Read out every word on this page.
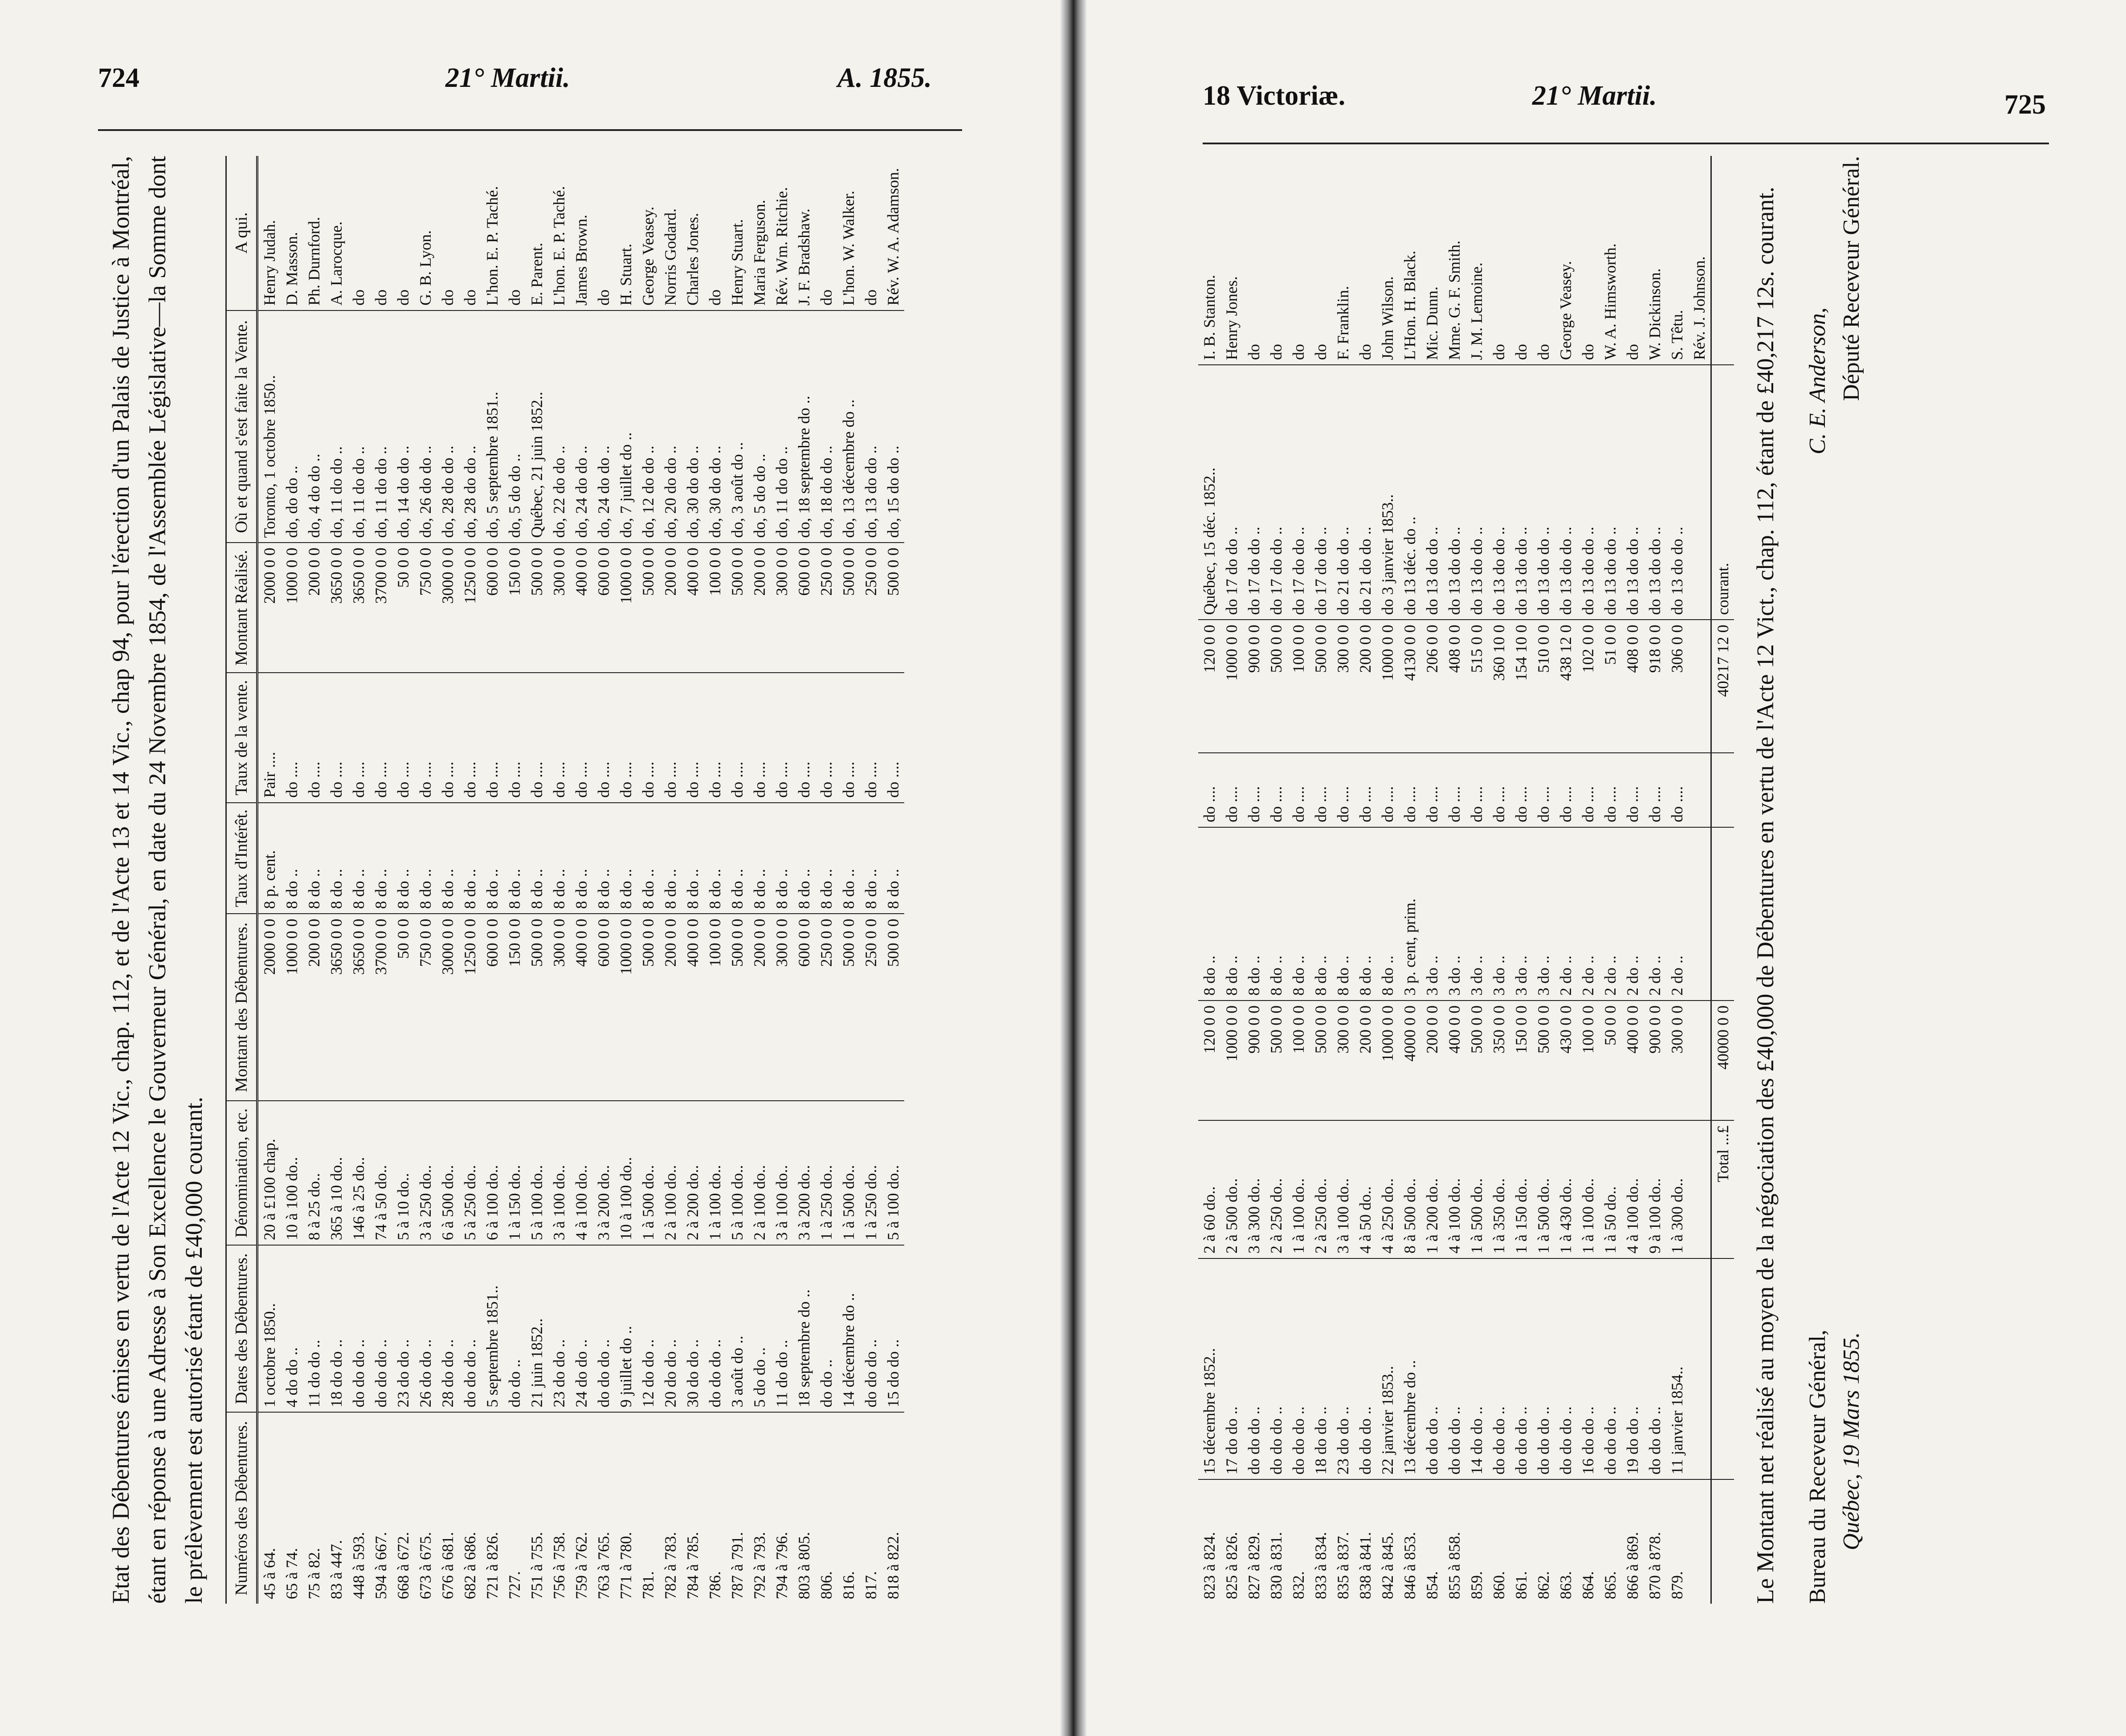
724	21° Martii.	A. 1855.

Etat des Débentures émises en vertu de l'Acte 12 Vic., chap. 112, et de l'Acte 13 et 14 Vic., chap 94, pour l'érection d'un Palais de Justice à Montréal, étant en réponse à une Adresse à Son Excellence le Gouverneur Général, en date du 24 Novembre 1854, de l'Assemblée Législative—la Somme dont le prélèvement est autorisé étant de £40,000 courant. Numéros des Débentures.	Dates des Débentures.	Dénomination, etc.	Montant des Débentures.	Taux d'Intérêt.	Taux de la vente.	Montant Réalisé.	Où et quand s'est faite la Vente.	A qui.
45 à 64.	1 octobre 1850..	20 à £100 chap.	2000 0 0	8 p. cent.	Pair ....	2000 0 0	Toronto, 1 octobre 1850..	Henry Judah.
65 à 74.	4 do do ..	10 à 100 do..	1000 0 0	8 do ..	do ....	1000 0 0	do, do do ..	D. Masson.
75 à 82.	11 do do ..	8 à 25 do..	200 0 0	8 do ..	do ....	200 0 0	do, 4 do do ..	Ph. Durnford.
83 à 447.	18 do do ..	365 à 10 do..	3650 0 0	8 do ..	do ....	3650 0 0	do, 11 do do ..	A. Larocque.
448 à 593.	do do do ..	146 à 25 do..	3650 0 0	8 do ..	do ....	3650 0 0	do, 11 do do ..	do
594 à 667.	do do do ..	74 à 50 do..	3700 0 0	8 do ..	do ....	3700 0 0	do, 11 do do ..	do
668 à 672.	23 do do ..	5 à 10 do..	50 0 0	8 do ..	do ....	50 0 0	do, 14 do do ..	do
673 à 675.	26 do do ..	3 à 250 do..	750 0 0	8 do ..	do ....	750 0 0	do, 26 do do ..	G. B. Lyon.
676 à 681.	28 do do ..	6 à 500 do..	3000 0 0	8 do ..	do ....	3000 0 0	do, 28 do do ..	do
682 à 686.	do do do ..	5 à 250 do..	1250 0 0	8 do ..	do ....	1250 0 0	do, 28 do do ..	do
721 à 826.	5 septembre 1851..	6 à 100 do..	600 0 0	8 do ..	do ....	600 0 0	do, 5 septembre 1851..	L'hon. E. P. Taché.
727.	do do ..	1 à 150 do..	150 0 0	8 do ..	do ....	150 0 0	do, 5 do do ..	do
751 à 755.	21 juin 1852..	5 à 100 do..	500 0 0	8 do ..	do ....	500 0 0	Québec, 21 juin 1852..	E. Parent.
756 à 758.	23 do do ..	3 à 100 do..	300 0 0	8 do ..	do ....	300 0 0	do, 22 do do ..	L'hon. E. P. Taché.
759 à 762.	24 do do ..	4 à 100 do..	400 0 0	8 do ..	do ....	400 0 0	do, 24 do do ..	James Brown.
763 à 765.	do do do ..	3 à 200 do..	600 0 0	8 do ..	do ....	600 0 0	do, 24 do do ..	do
771 à 780.	9 juillet do ..	10 à 100 do..	1000 0 0	8 do ..	do ....	1000 0 0	do, 7 juillet do ..	H. Stuart.
781.	12 do do ..	1 à 500 do..	500 0 0	8 do ..	do ....	500 0 0	do, 12 do do ..	George Veasey.
782 à 783.	20 do do ..	2 à 100 do..	200 0 0	8 do ..	do ....	200 0 0	do, 20 do do ..	Norris Godard.
784 à 785.	30 do do ..	2 à 200 do..	400 0 0	8 do ..	do ....	400 0 0	do, 30 do do ..	Charles Jones.
786.	do do do ..	1 à 100 do..	100 0 0	8 do ..	do ....	100 0 0	do, 30 do do ..	do
787 à 791.	3 août do ..	5 à 100 do..	500 0 0	8 do ..	do ....	500 0 0	do, 3 août do ..	Henry Stuart.
792 à 793.	5 do do ..	2 à 100 do..	200 0 0	8 do ..	do ....	200 0 0	do, 5 do do ..	Maria Ferguson.
794 à 796.	11 do do ..	3 à 100 do..	300 0 0	8 do ..	do ....	300 0 0	do, 11 do do ..	Rév. Wm. Ritchie.
803 à 805.	18 septembre do ..	3 à 200 do..	600 0 0	8 do ..	do ....	600 0 0	do, 18 septembre do ..	J. F. Bradshaw.
806.	do do ..	1 à 250 do..	250 0 0	8 do ..	do ....	250 0 0	do, 18 do do ..	do
816.	14 décembre do ..	1 à 500 do..	500 0 0	8 do ..	do ....	500 0 0	do, 13 décembre do ..	L'hon. W. Walker.
817.	do do do ..	1 à 250 do..	250 0 0	8 do ..	do ....	250 0 0	do, 13 do do ..	do
818 à 822.	15 do do ..	5 à 100 do..	500 0 0	8 do ..	do ....	500 0 0	do, 15 do do ..	Rév. W. A. Adamson.
18 Victoriæ.	21° Martii.	725
823 à 824.	15 décembre 1852..	2 à 60 do..	120 0 0	8 do ..	do ....	120 0 0	Québec, 15 déc. 1852..	I. B. Stanton.
825 à 826.	17 do do ..	2 à 500 do..	1000 0 0	8 do ..	do ....	1000 0 0	do 17 do do ..	Henry Jones.
827 à 829.	do do do ..	3 à 300 do..	900 0 0	8 do ..	do ....	900 0 0	do 17 do do ..	do
830 à 831.	do do do ..	2 à 250 do..	500 0 0	8 do ..	do ....	500 0 0	do 17 do do ..	do
832.	do do do ..	1 à 100 do..	100 0 0	8 do ..	do ....	100 0 0	do 17 do do ..	do
833 à 834.	18 do do ..	2 à 250 do..	500 0 0	8 do ..	do ....	500 0 0	do 17 do do ..	do
835 à 837.	23 do do ..	3 à 100 do..	300 0 0	8 do ..	do ....	300 0 0	do 21 do do ..	F. Franklin.
838 à 841.	do do do ..	4 à 50 do..	200 0 0	8 do ..	do ....	200 0 0	do 21 do do ..	do
842 à 845.	22 janvier 1853..	4 à 250 do..	1000 0 0	8 do ..	do ....	1000 0 0	do 3 janvier 1853..	John Wilson.
846 à 853.	13 décembre do ..	8 à 500 do..	4000 0 0	3 p. cent, prim.	do ....	4130 0 0	do 13 déc. do ..	L'Hon. H. Black.
854.	do do do ..	1 à 200 do..	200 0 0	3 do ..	do ....	206 0 0	do 13 do do ..	Mic. Dunn.
855 à 858.	do do do ..	4 à 100 do..	400 0 0	3 do ..	do ....	408 0 0	do 13 do do ..	Mme. G. F. Smith.
859.	14 do do ..	1 à 500 do..	500 0 0	3 do ..	do ....	515 0 0	do 13 do do ..	J. M. Lemoine.
860.	do do do ..	1 à 350 do..	350 0 0	3 do ..	do ....	360 10 0	do 13 do do ..	do
861.	do do do ..	1 à 150 do..	150 0 0	3 do ..	do ....	154 10 0	do 13 do do ..	do
862.	do do do ..	1 à 500 do..	500 0 0	3 do ..	do ....	510 0 0	do 13 do do ..	do
863.	do do do ..	1 à 430 do..	430 0 0	2 do ..	do ....	438 12 0	do 13 do do ..	George Veasey.
864.	16 do do ..	1 à 100 do..	100 0 0	2 do ..	do ....	102 0 0	do 13 do do ..	do
865.	do do do ..	1 à 50 do..	50 0 0	2 do ..	do ....	51 0 0	do 13 do do ..	W. A. Himsworth.
866 à 869.	19 do do ..	4 à 100 do..	400 0 0	2 do ..	do ....	408 0 0	do 13 do do ..	do
870 à 878.	do do do ..	9 à 100 do..	900 0 0	2 do ..	do ....	918 0 0	do 13 do do ..	W. Dickinson.
879.	11 janvier 1854..	1 à 300 do..	300 0 0	2 do ..	do ....	306 0 0	do 13 do do ..	S. Têtu.
								Rév. J. Johnson.
		Total ...£	40000 0 0			40217 12 0	courant.	Le Montant net réalisé au moyen de la négociation des £40,000 de Débentures en vertu de l'Acte 12 Vict., chap. 112, étant de £40,217 12s. courant. Bureau du Receveur Général, Québec, 19 Mars 1855.
C. E. Anderson, Député Receveur Général.
